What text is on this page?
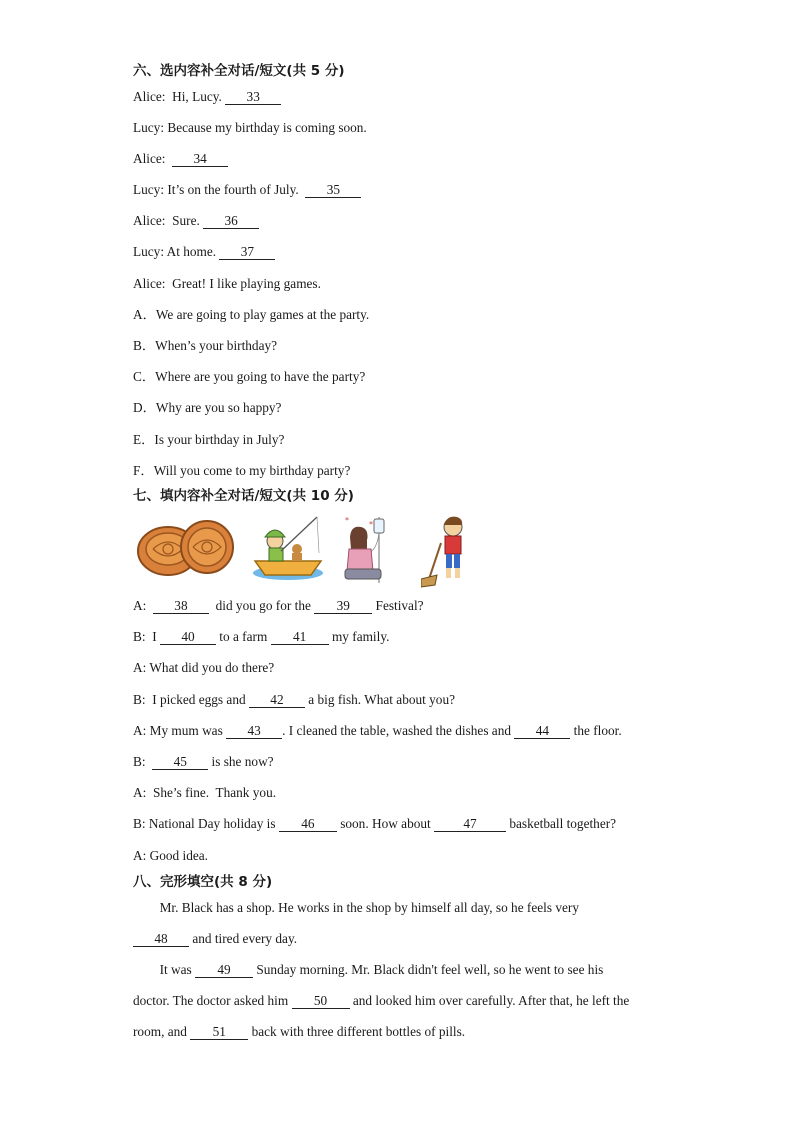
六、选内容补全对话/短文(共 5 分)
Alice:  Hi, Lucy. 33
Lucy: Because my birthday is coming soon.
Alice:  34
Lucy: It’s on the fourth of July.  35
Alice:  Sure. 36
Lucy: At home. 37
Alice:  Great! I like playing games.
A．We are going to play games at the party.
B．When’s your birthday?
C．Where are you going to have the party?
D．Why are you so happy?
E．Is your birthday in July?
F．Will you come to my birthday party?
七、填内容补全对话/短文(共 10 分)
*	*
A:  38  did you go for the 39 Festival?
B:  I 40 to a farm 41 my family.
A: What did you do there?
B:  I picked eggs and 42 a big fish. What about you?
A: My mum was 43 . I cleaned the table, washed the dishes and 44 the floor.
B:  45 is she now?
A:  She’s fine.  Thank you.
B: National Day holiday is 46 soon. How about 47 basketball together?
A: Good idea.
八、完形填空(共 8 分)
Mr. Black has a shop. He works in the shop by himself all day, so he feels very
48 and tired every day.
It was 49 Sunday morning. Mr. Black didn't feel well, so he went to see his
doctor. The doctor asked him 50 and looked him over carefully. After that, he left the
room, and 51 back with three different bottles of pills.
